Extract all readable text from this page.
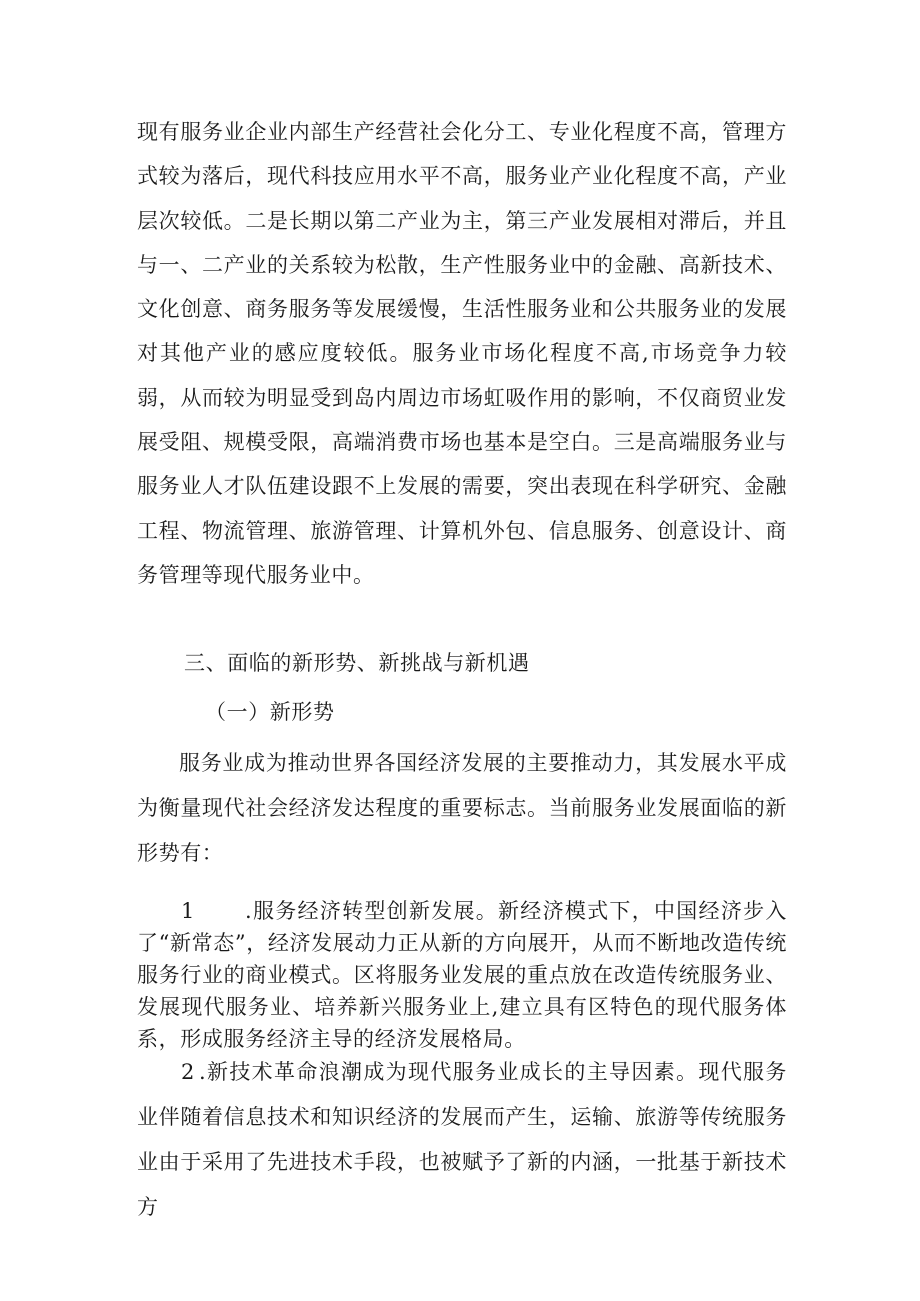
现有服务业企业内部生产经营社会化分工、专业化程度不高，管理方式较为落后，现代科技应用水平不高，服务业产业化程度不高，产业层次较低。二是长期以第二产业为主，第三产业发展相对滞后，并且与一、二产业的关系较为松散，生产性服务业中的金融、高新技术、文化创意、商务服务等发展缓慢，生活性服务业和公共服务业的发展对其他产业的感应度较低。服务业市场化程度不高,市场竞争力较弱，从而较为明显受到岛内周边市场虹吸作用的影响，不仅商贸业发展受阻、规模受限，高端消费市场也基本是空白。三是高端服务业与服务业人才队伍建设跟不上发展的需要，突出表现在科学研究、金融工程、物流管理、旅游管理、计算机外包、信息服务、创意设计、商务管理等现代服务业中。

三、面临的新形势、新挑战与新机遇

（一）新形势

服务业成为推动世界各国经济发展的主要推动力，其发展水平成为衡量现代社会经济发达程度的重要标志。当前服务业发展面临的新形势有：

1 .服务经济转型创新发展。新经济模式下，中国经济步入了“新常态”，经济发展动力正从新的方向展开，从而不断地改造传统服务行业的商业模式。区将服务业发展的重点放在改造传统服务业、发展现代服务业、培养新兴服务业上,建立具有区特色的现代服务体系，形成服务经济主导的经济发展格局。

2 .新技术革命浪潮成为现代服务业成长的主导因素。现代服务业伴随着信息技术和知识经济的发展而产生，运输、旅游等传统服务业由于采用了先进技术手段，也被赋予了新的内涵，一批基于新技术方
